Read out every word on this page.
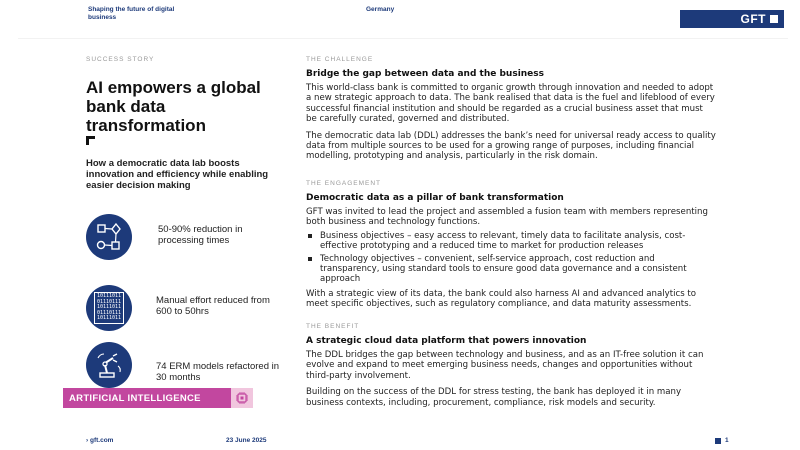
Shaping the future of digital business
Germany
GFT
SUCCESS STORY
AI empowers a global bank data transformation
How a democratic data lab boosts innovation and efficiency while enabling easier decision making
50-90% reduction in processing times
10111011
01110111
10111011
01110111
10111011
Manual effort reduced from 600 to 50hrs
74 ERM models refactored in 30 months
ARTIFICIAL INTELLIGENCE
THE CHALLENGE
Bridge the gap between data and the business
This world-class bank is committed to organic growth through innovation and needed to adopt a new strategic approach to data. The bank realised that data is the fuel and lifeblood of every successful financial institution and should be regarded as a crucial business asset that must be carefully curated, governed and distributed.
The democratic data lab (DDL) addresses the bank’s need for universal ready access to quality data from multiple sources to be used for a growing range of purposes, including financial modelling, prototyping and analysis, particularly in the risk domain.
THE ENGAGEMENT
Democratic data as a pillar of bank transformation
GFT was invited to lead the project and assembled a fusion team with members representing both business and technology functions.
Business objectives – easy access to relevant, timely data to facilitate analysis, cost-effective prototyping and a reduced time to market for production releases
Technology objectives – convenient, self-service approach, cost reduction and transparency, using standard tools to ensure good data governance and a consistent approach
With a strategic view of its data, the bank could also harness AI and advanced analytics to meet specific objectives, such as regulatory compliance, and data maturity assessments.
THE BENEFIT
A strategic cloud data platform that powers innovation
The DDL bridges the gap between technology and business, and as an IT-free solution it can evolve and expand to meet emerging business needs, changes and opportunities without third-party involvement.
Building on the success of the DDL for stress testing, the bank has deployed it in many business contexts, including, procurement, compliance, risk models and security.
› gft.com	23 June 2025	1
